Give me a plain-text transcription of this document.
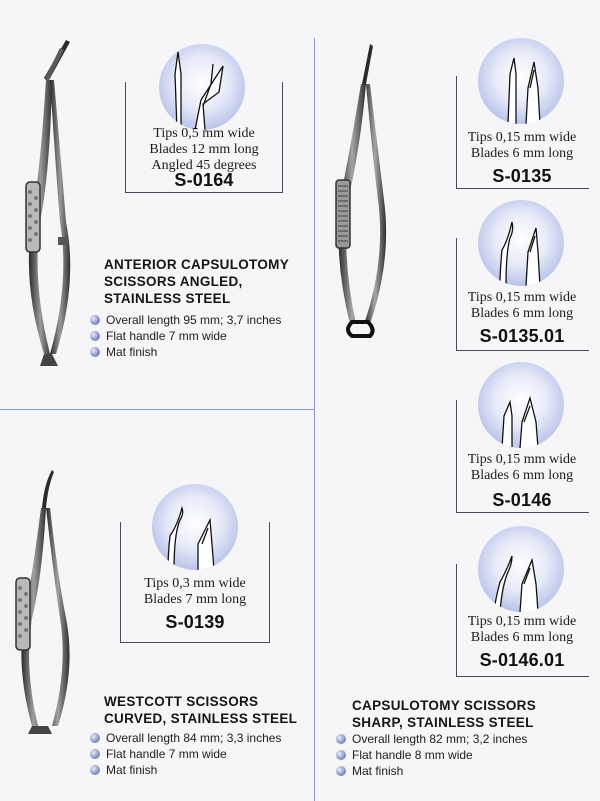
Tips 0,5 mm wide
Blades 12 mm long
Angled 45 degrees
S-0164
ANTERIOR CAPSULOTOMY
SCISSORS ANGLED,
STAINLESS STEEL
Overall length 95 mm; 3,7 inches
Flat handle 7 mm wide
Mat finish
Tips 0,3 mm wide
Blades 7 mm long
S-0139
WESTCOTT SCISSORS
CURVED, STAINLESS STEEL
Overall length 84 mm; 3,3 inches
Flat handle 7 mm wide
Mat finish
Tips 0,15 mm wide
Blades 6 mm long
S-0135
Tips 0,15 mm wide
Blades 6 mm long
S-0135.01
Tips 0,15 mm wide
Blades 6 mm long
S-0146
Tips 0,15 mm wide
Blades 6 mm long
S-0146.01
CAPSULOTOMY SCISSORS
SHARP, STAINLESS STEEL
Overall length 82 mm; 3,2 inches
Flat handle 8 mm wide
Mat finish
